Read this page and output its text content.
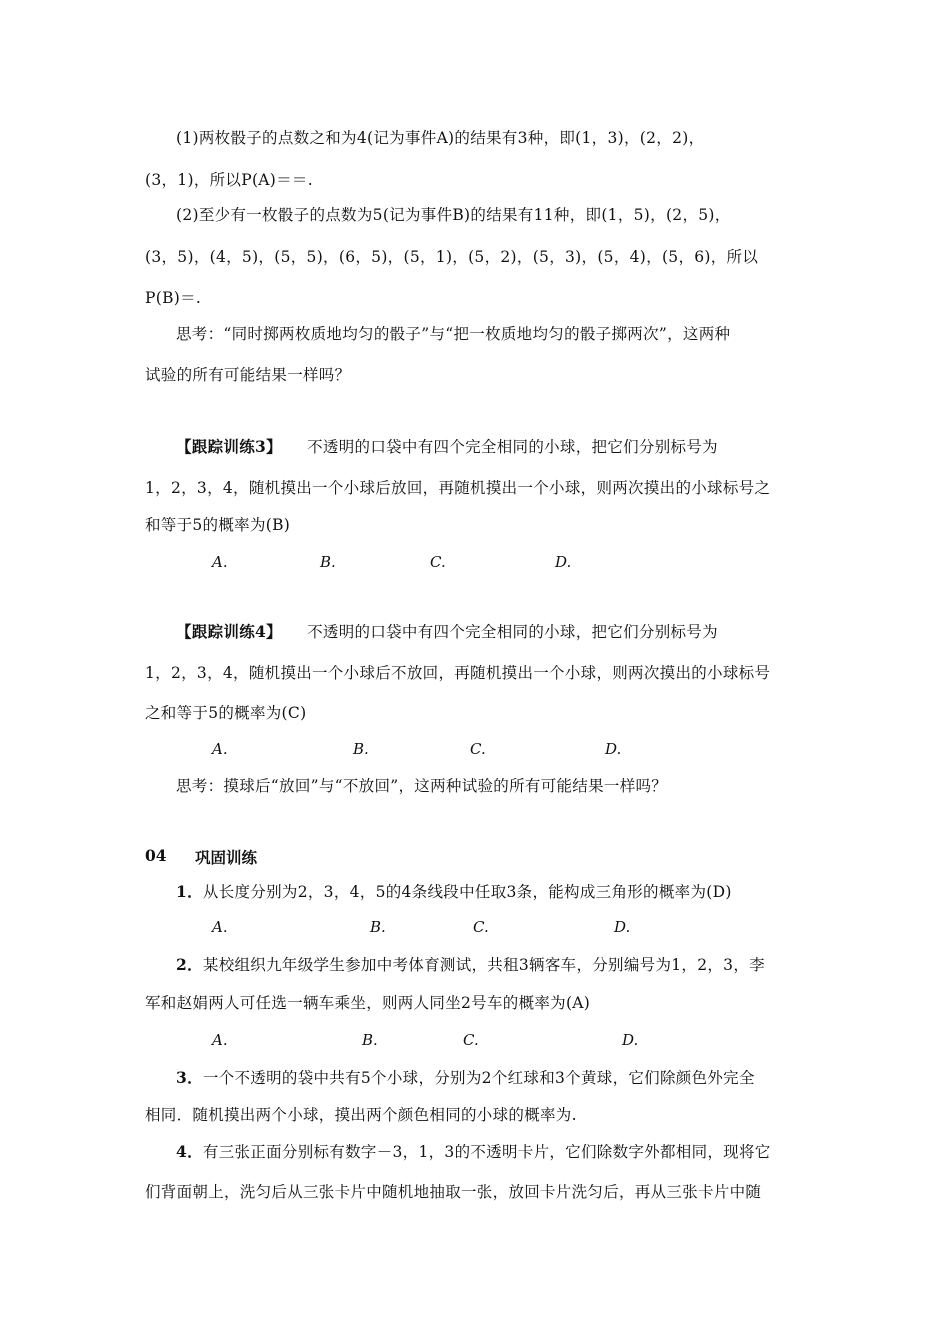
(1)两枚骰子的点数之和为4(记为事件A)的结果有3种，即(1，3)，(2，2)，
(3，1)，所以P(A)＝＝.
(2)至少有一枚骰子的点数为5(记为事件B)的结果有11种，即(1，5)，(2，5)，
(3，5)，(4，5)，(5，5)，(6，5)，(5，1)，(5，2)，(5，3)，(5，4)，(5，6)，所以
P(B)＝.
思考：“同时掷两枚质地均匀的骰子”与“把一枚质地均匀的骰子掷两次”，这两种
试验的所有可能结果一样吗？
【跟踪训练3】 不透明的口袋中有四个完全相同的小球，把它们分别标号为
1，2，3，4，随机摸出一个小球后放回，再随机摸出一个小球，则两次摸出的小球标号之
和等于5的概率为(B)
A.	B.	C.	D.
【跟踪训练4】 不透明的口袋中有四个完全相同的小球，把它们分别标号为
1，2，3，4，随机摸出一个小球后不放回，再随机摸出一个小球，则两次摸出的小球标号
之和等于5的概率为(C)
A.	B.	C.	D.
思考：摸球后“放回”与“不放回”，这两种试验的所有可能结果一样吗？
04 巩固训练
1．从长度分别为2，3，4，5的4条线段中任取3条，能构成三角形的概率为(D)
A.	B.	C.	D.
2．某校组织九年级学生参加中考体育测试，共租3辆客车，分别编号为1，2，3，李
军和赵娟两人可任选一辆车乘坐，则两人同坐2号车的概率为(A)
A.	B.	C.	D.
3．一个不透明的袋中共有5个小球，分别为2个红球和3个黄球，它们除颜色外完全
相同．随机摸出两个小球，摸出两个颜色相同的小球的概率为.
4．有三张正面分别标有数字－3，1，3的不透明卡片，它们除数字外都相同，现将它
们背面朝上，洗匀后从三张卡片中随机地抽取一张，放回卡片洗匀后，再从三张卡片中随
